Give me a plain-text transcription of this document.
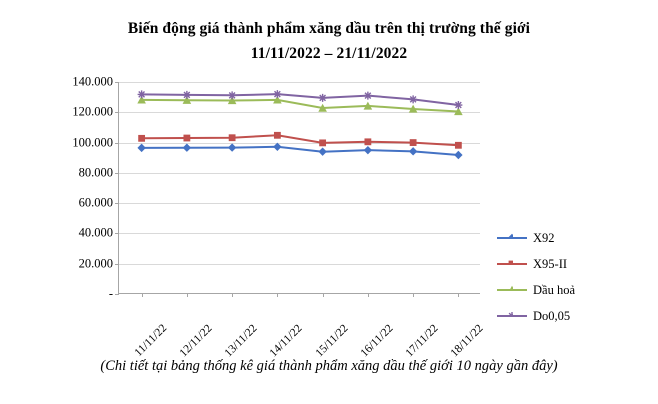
Biến động giá thành phẩm xăng dầu trên thị trường thế giới
11/11/2022 – 21/11/2022
-
20.000
40.000
60.000
80.000
100.000
120.000
140.000
11/11/22 12/11/22 13/11/22 14/11/22 15/11/22 16/11/22 17/11/22 18/11/22
X92
X95-II
Dầu hoả
Do0,05
(Chi tiết tại bảng thống kê giá thành phẩm xăng dầu thế giới 10 ngày gần đây)
